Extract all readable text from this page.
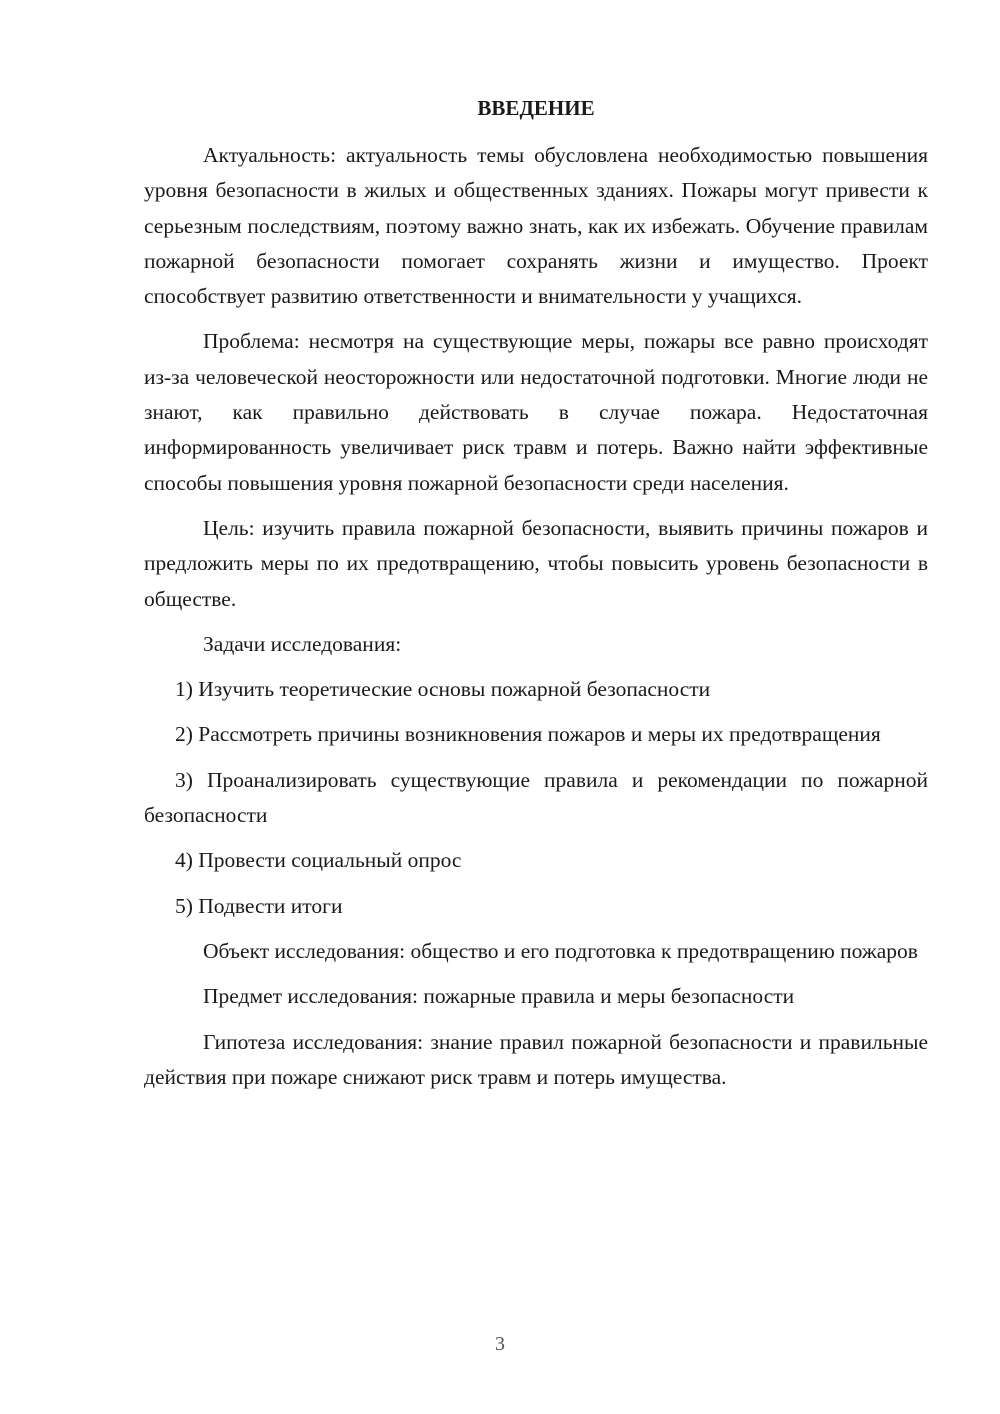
ВВЕДЕНИЕ

Актуальность: актуальность темы обусловлена необходимостью повышения уровня безопасности в жилых и общественных зданиях. Пожары могут привести к серьезным последствиям, поэтому важно знать, как их избежать. Обучение правилам пожарной безопасности помогает сохранять жизни и имущество. Проект способствует развитию ответственности и внимательности у учащихся.

Проблема: несмотря на существующие меры, пожары все равно происходят из-за человеческой неосторожности или недостаточной подготовки. Многие люди не знают, как правильно действовать в случае пожара. Недостаточная информированность увеличивает риск травм и потерь. Важно найти эффективные способы повышения уровня пожарной безопасности среди населения.

Цель: изучить правила пожарной безопасности, выявить причины пожаров и предложить меры по их предотвращению, чтобы повысить уровень безопасности в обществе.

Задачи исследования:

1) Изучить теоретические основы пожарной безопасности

2) Рассмотреть причины возникновения пожаров и меры их предотвращения

3) Проанализировать существующие правила и рекомендации по пожарной безопасности

4) Провести социальный опрос

5) Подвести итоги

Объект исследования: общество и его подготовка к предотвращению пожаров

Предмет исследования: пожарные правила и меры безопасности

Гипотеза исследования: знание правил пожарной безопасности и правильные действия при пожаре снижают риск травм и потерь имущества.

3
